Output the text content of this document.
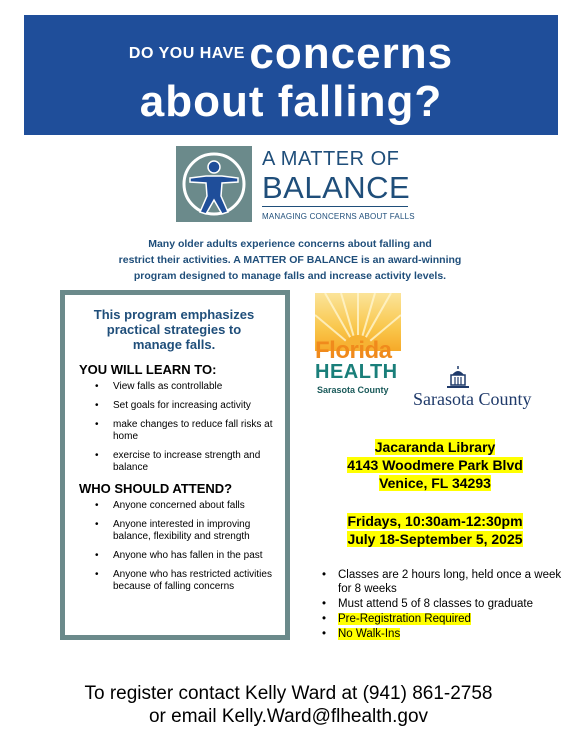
DO YOU HAVE concerns
about falling?
A MATTER OF
BALANCE
MANAGING CONCERNS ABOUT FALLS
Many older adults experience concerns about falling and
restrict their activities. A MATTER OF BALANCE is an award-winning
program designed to manage falls and increase activity levels.
This program emphasizes
practical strategies to
manage falls.
YOU WILL LEARN TO:
• View falls as controllable
• Set goals for increasing activity
• make changes to reduce fall risks at home
• exercise to increase strength and balance
WHO SHOULD ATTEND?
• Anyone concerned about falls
• Anyone interested in improving balance, flexibility and strength
• Anyone who has fallen in the past
• Anyone who has restricted activities because of falling concerns
Florida
HEALTH
Sarasota County Sarasota County
Jacaranda Library
4143 Woodmere Park Blvd
Venice, FL 34293
Fridays, 10:30am-12:30pm
July 18-September 5, 2025
• Classes are 2 hours long, held once a week for 8 weeks
• Must attend 5 of 8 classes to graduate
• Pre-Registration Required
• No Walk-Ins
To register contact Kelly Ward at (941) 861-2758
or email Kelly.Ward@flhealth.gov
